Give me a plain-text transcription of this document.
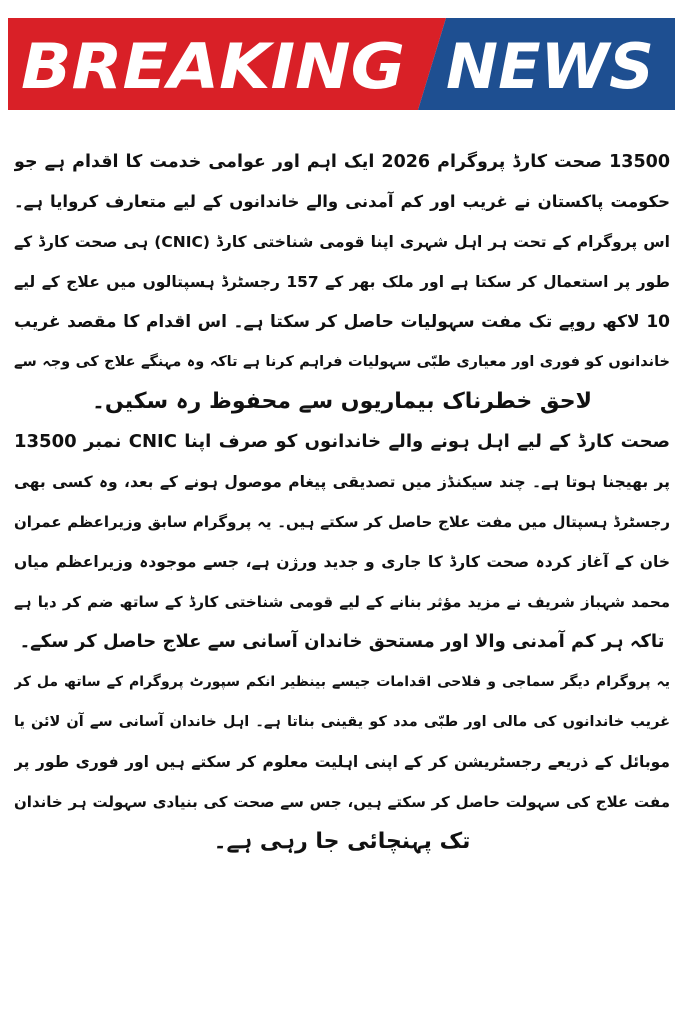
BREAKING NEWS
13500 صحت کارڈ پروگرام 2026 ایک اہم اور عوامی خدمت کا اقدام ہے جو
حکومت پاکستان نے غریب اور کم آمدنی والے خاندانوں کے لیے متعارف کروایا ہے۔
اس پروگرام کے تحت ہر اہل شہری اپنا قومی شناختی کارڈ (CNIC) ہی صحت کارڈ کے
طور پر استعمال کر سکتا ہے اور ملک بھر کے 157 رجسٹرڈ ہسپتالوں میں علاج کے لیے
10 لاکھ روپے تک مفت سہولیات حاصل کر سکتا ہے۔ اس اقدام کا مقصد غریب
خاندانوں کو فوری اور معیاری طبّی سہولیات فراہم کرنا ہے تاکہ وہ مہنگے علاج کی وجہ سے
لاحق خطرناک بیماریوں سے محفوظ رہ سکیں۔
صحت کارڈ کے لیے اہل ہونے والے خاندانوں کو صرف اپنا CNIC نمبر 13500
پر بھیجنا ہوتا ہے۔ چند سیکنڈز میں تصدیقی پیغام موصول ہونے کے بعد، وہ کسی بھی
رجسٹرڈ ہسپتال میں مفت علاج حاصل کر سکتے ہیں۔ یہ پروگرام سابق وزیراعظم عمران
خان کے آغاز کردہ صحت کارڈ کا جاری و جدید ورژن ہے، جسے موجودہ وزیراعظم میاں
محمد شہباز شریف نے مزید مؤثر بنانے کے لیے قومی شناختی کارڈ کے ساتھ ضم کر دیا ہے
تاکہ ہر کم آمدنی والا اور مستحق خاندان آسانی سے علاج حاصل کر سکے۔
یہ پروگرام دیگر سماجی و فلاحی اقدامات جیسے بینظیر انکم سپورٹ پروگرام کے ساتھ مل کر
غریب خاندانوں کی مالی اور طبّی مدد کو یقینی بناتا ہے۔ اہل خاندان آسانی سے آن لائن یا
موبائل کے ذریعے رجسٹریشن کر کے اپنی اہلیت معلوم کر سکتے ہیں اور فوری طور پر
مفت علاج کی سہولت حاصل کر سکتے ہیں، جس سے صحت کی بنیادی سہولت ہر خاندان
تک پہنچائی جا رہی ہے۔
